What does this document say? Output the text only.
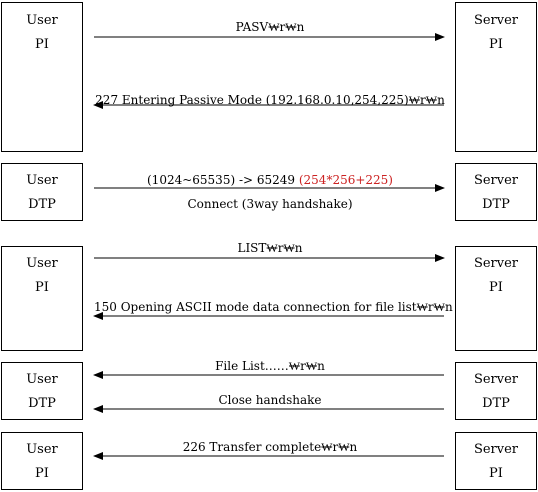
User
PI
Server
PI
PASV₩r₩n
227 Entering Passive Mode (192.168.0.10,254,225)₩r₩n
User
DTP
Server
DTP
(1024~65535) -> 65249 (254*256+225)
Connect (3way handshake)
User
PI
Server
PI
LIST₩r₩n
150 Opening ASCII mode data connection for file list₩r₩n
User
DTP
Server
DTP
File List……₩r₩n
Close handshake
User
PI
Server
PI
226 Transfer complete₩r₩n
